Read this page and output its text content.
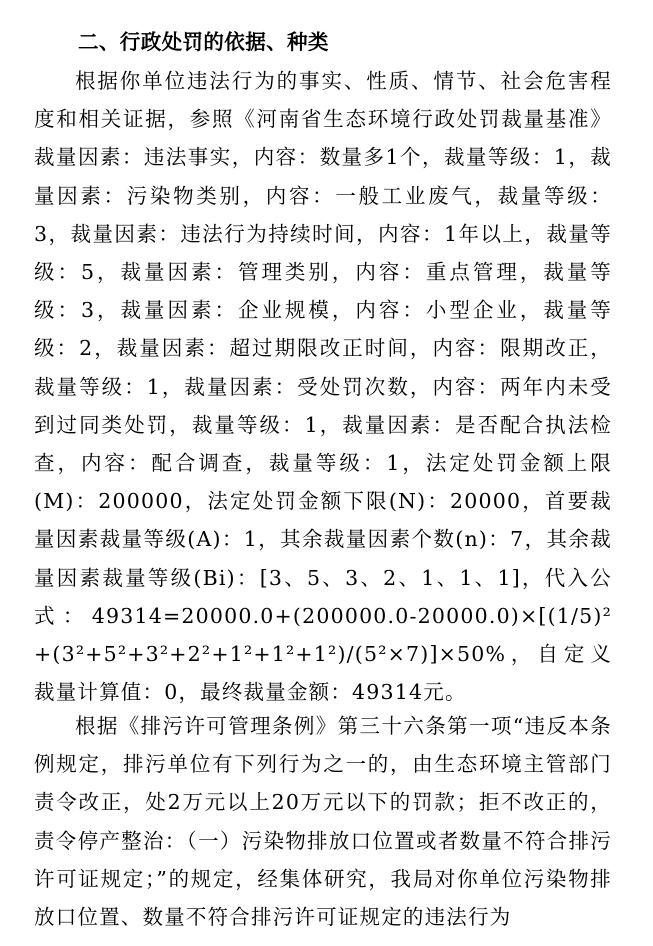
二、行政处罚的依据、种类

根据你单位违法行为的事实、性质、情节、社会危害程度和相关证据，参照《河南省生态环境行政处罚裁量基准》裁量因素：违法事实，内容：数量多1个，裁量等级：1，裁量因素：污染物类别，内容：一般工业废气，裁量等级：3，裁量因素：违法行为持续时间，内容：1年以上，裁量等级：5，裁量因素：管理类别，内容：重点管理，裁量等级：3，裁量因素：企业规模，内容：小型企业，裁量等级：2，裁量因素：超过期限改正时间，内容：限期改正，裁量等级：1，裁量因素：受处罚次数，内容：两年内未受到过同类处罚，裁量等级：1，裁量因素：是否配合执法检查，内容：配合调查，裁量等级：1，法定处罚金额上限(M)：200000，法定处罚金额下限(N)：20000，首要裁量因素裁量等级(A)：1，其余裁量因素个数(n)：7，其余裁量因素裁量等级(Bi)：[3、5、3、2、1、1、1]，代入公式：49314=20000.0+(200000.0-20000.0)×[(1/5)²+(3²+5²+3²+2²+1²+1²+1²)/(5²×7)]×50%，自定义裁量计算值：0，最终裁量金额：49314元。

根据《排污许可管理条例》第三十六条第一项“违反本条例规定，排污单位有下列行为之一的，由生态环境主管部门责令改正，处2万元以上20万元以下的罚款；拒不改正的，责令停产整治：（一）污染物排放口位置或者数量不符合排污许可证规定；”的规定，经集体研究，我局对你单位污染物排放口位置、数量不符合排污许可证规定的违法行为
